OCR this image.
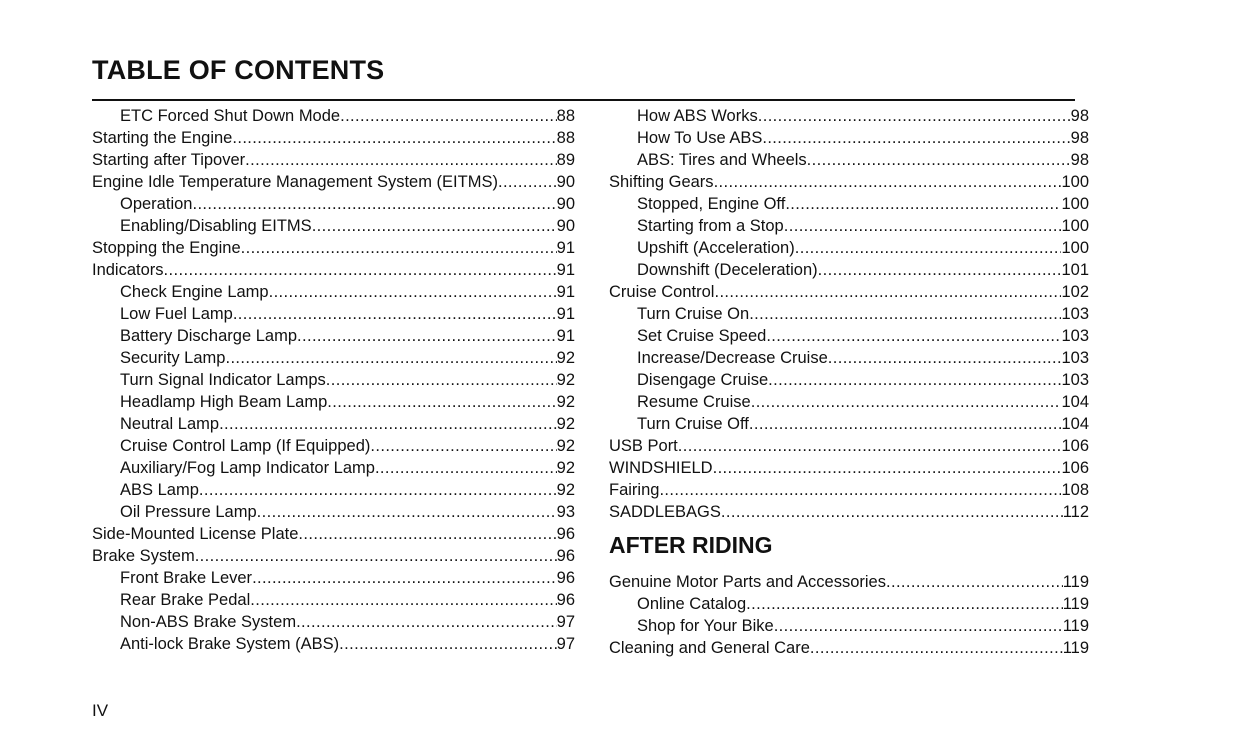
TABLE OF CONTENTS
ETC Forced Shut Down Mode .....	88
Starting the Engine .....	88
Starting after Tipover .....	89
Engine Idle Temperature Management System (EITMS) .....	90
Operation .....	90
Enabling/Disabling EITMS .....	90
Stopping the Engine .....	91
Indicators .....	91
Check Engine Lamp .....	91
Low Fuel Lamp .....	91
Battery Discharge Lamp .....	91
Security Lamp .....	92
Turn Signal Indicator Lamps .....	92
Headlamp High Beam Lamp .....	92
Neutral Lamp .....	92
Cruise Control Lamp (If Equipped) .....	92
Auxiliary/Fog Lamp Indicator Lamp .....	92
ABS Lamp .....	92
Oil Pressure Lamp .....	93
Side-Mounted License Plate .....	96
Brake System .....	96
Front Brake Lever .....	96
Rear Brake Pedal .....	96
Non-ABS Brake System .....	97
Anti-lock Brake System (ABS) .....	97
How ABS Works .....	98
How To Use ABS .....	98
ABS: Tires and Wheels .....	98
Shifting Gears .....	100
Stopped, Engine Off .....	100
Starting from a Stop .....	100
Upshift (Acceleration) .....	100
Downshift (Deceleration) .....	101
Cruise Control .....	102
Turn Cruise On .....	103
Set Cruise Speed .....	103
Increase/Decrease Cruise .....	103
Disengage Cruise .....	103
Resume Cruise .....	104
Turn Cruise Off .....	104
USB Port .....	106
WINDSHIELD .....	106
Fairing .....	108
SADDLEBAGS .....	112
AFTER RIDING
Genuine Motor Parts and Accessories .....	119
Online Catalog .....	119
Shop for Your Bike .....	119
Cleaning and General Care .....	119
IV
